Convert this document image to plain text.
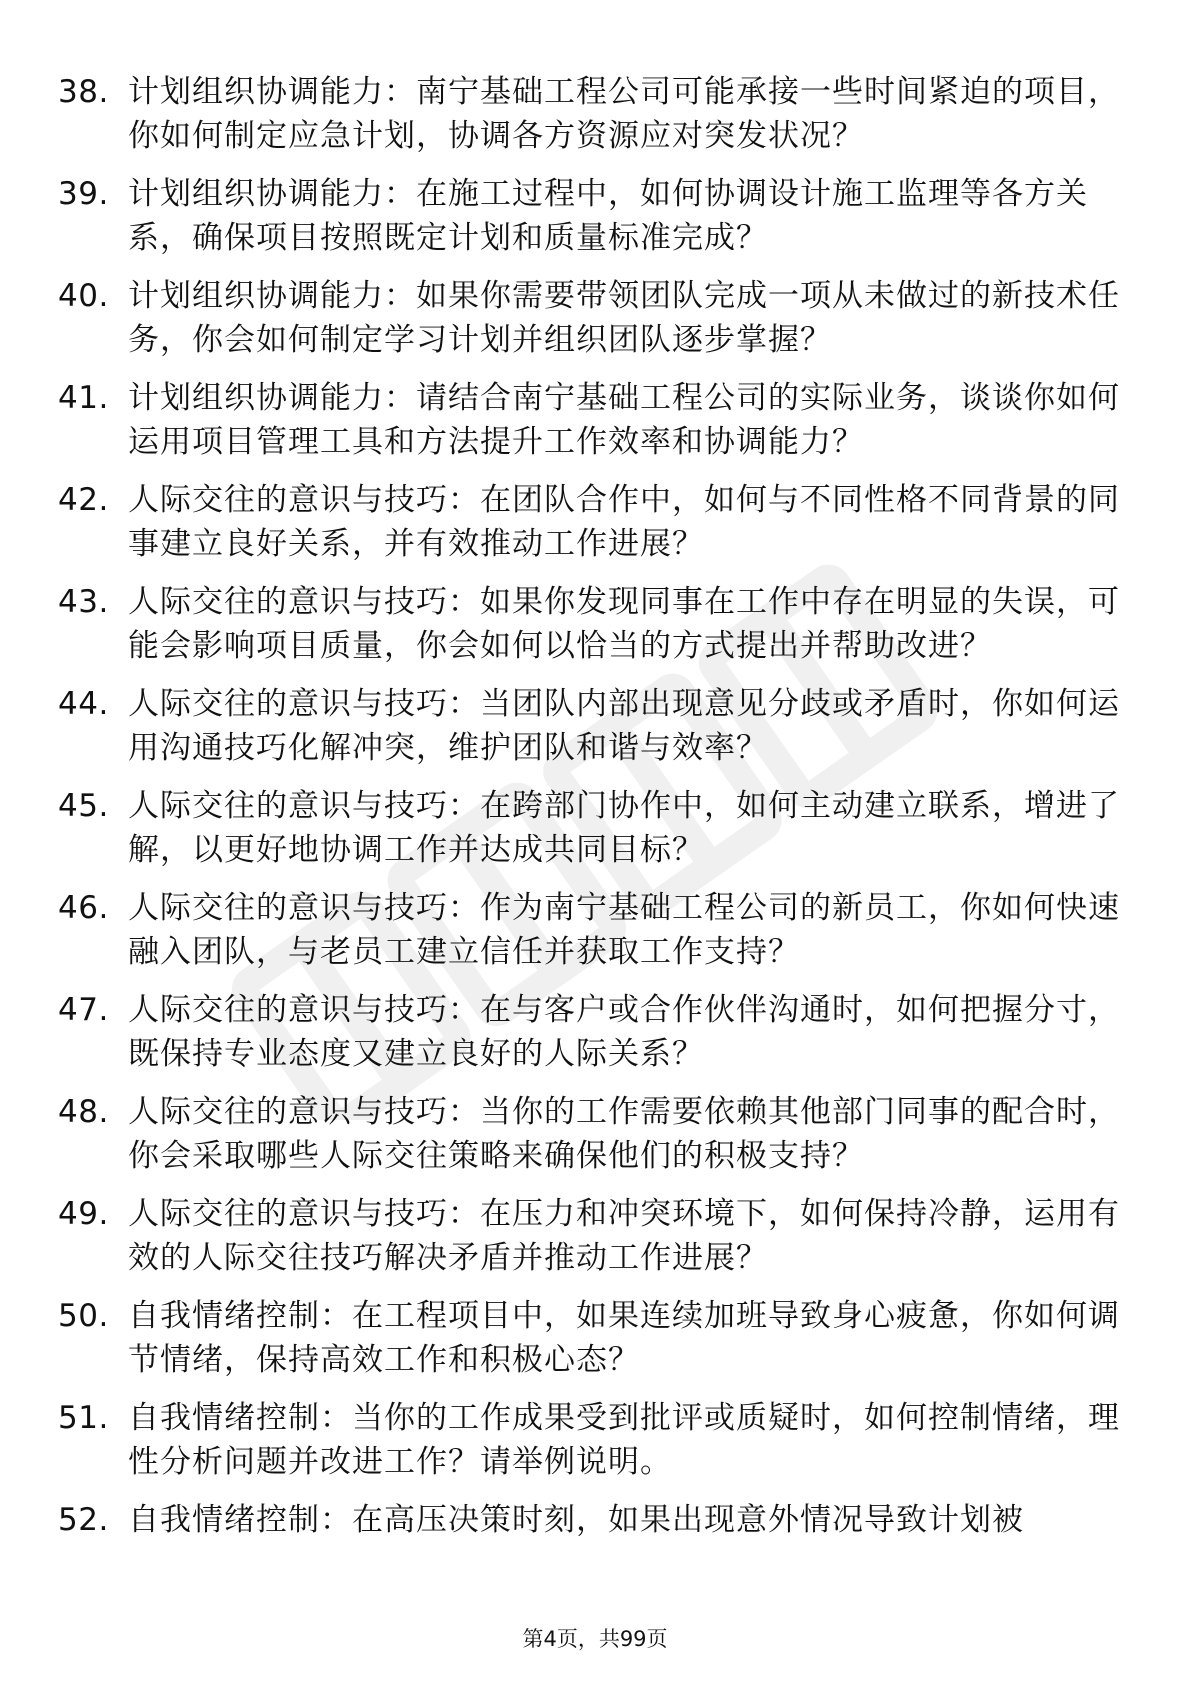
38. 计划组织协调能力：南宁基础工程公司可能承接一些时间紧迫的项目，你如何制定应急计划，协调各方资源应对突发状况？
39. 计划组织协调能力：在施工过程中，如何协调设计施工监理等各方关系，确保项目按照既定计划和质量标准完成？
40. 计划组织协调能力：如果你需要带领团队完成一项从未做过的新技术任务，你会如何制定学习计划并组织团队逐步掌握？
41. 计划组织协调能力：请结合南宁基础工程公司的实际业务，谈谈你如何运用项目管理工具和方法提升工作效率和协调能力？
42. 人际交往的意识与技巧：在团队合作中，如何与不同性格不同背景的同事建立良好关系，并有效推动工作进展？
43. 人际交往的意识与技巧：如果你发现同事在工作中存在明显的失误，可能会影响项目质量，你会如何以恰当的方式提出并帮助改进？
44. 人际交往的意识与技巧：当团队内部出现意见分歧或矛盾时，你如何运用沟通技巧化解冲突，维护团队和谐与效率？
45. 人际交往的意识与技巧：在跨部门协作中，如何主动建立联系，增进了解，以更好地协调工作并达成共同目标？
46. 人际交往的意识与技巧：作为南宁基础工程公司的新员工，你如何快速融入团队，与老员工建立信任并获取工作支持？
47. 人际交往的意识与技巧：在与客户或合作伙伴沟通时，如何把握分寸，既保持专业态度又建立良好的人际关系？
48. 人际交往的意识与技巧：当你的工作需要依赖其他部门同事的配合时，你会采取哪些人际交往策略来确保他们的积极支持？
49. 人际交往的意识与技巧：在压力和冲突环境下，如何保持冷静，运用有效的人际交往技巧解决矛盾并推动工作进展？
50. 自我情绪控制：在工程项目中，如果连续加班导致身心疲惫，你如何调节情绪，保持高效工作和积极心态？
51. 自我情绪控制：当你的工作成果受到批评或质疑时，如何控制情绪，理性分析问题并改进工作？请举例说明。
52. 自我情绪控制：在高压决策时刻，如果出现意外情况导致计划被
第4页，共99页
